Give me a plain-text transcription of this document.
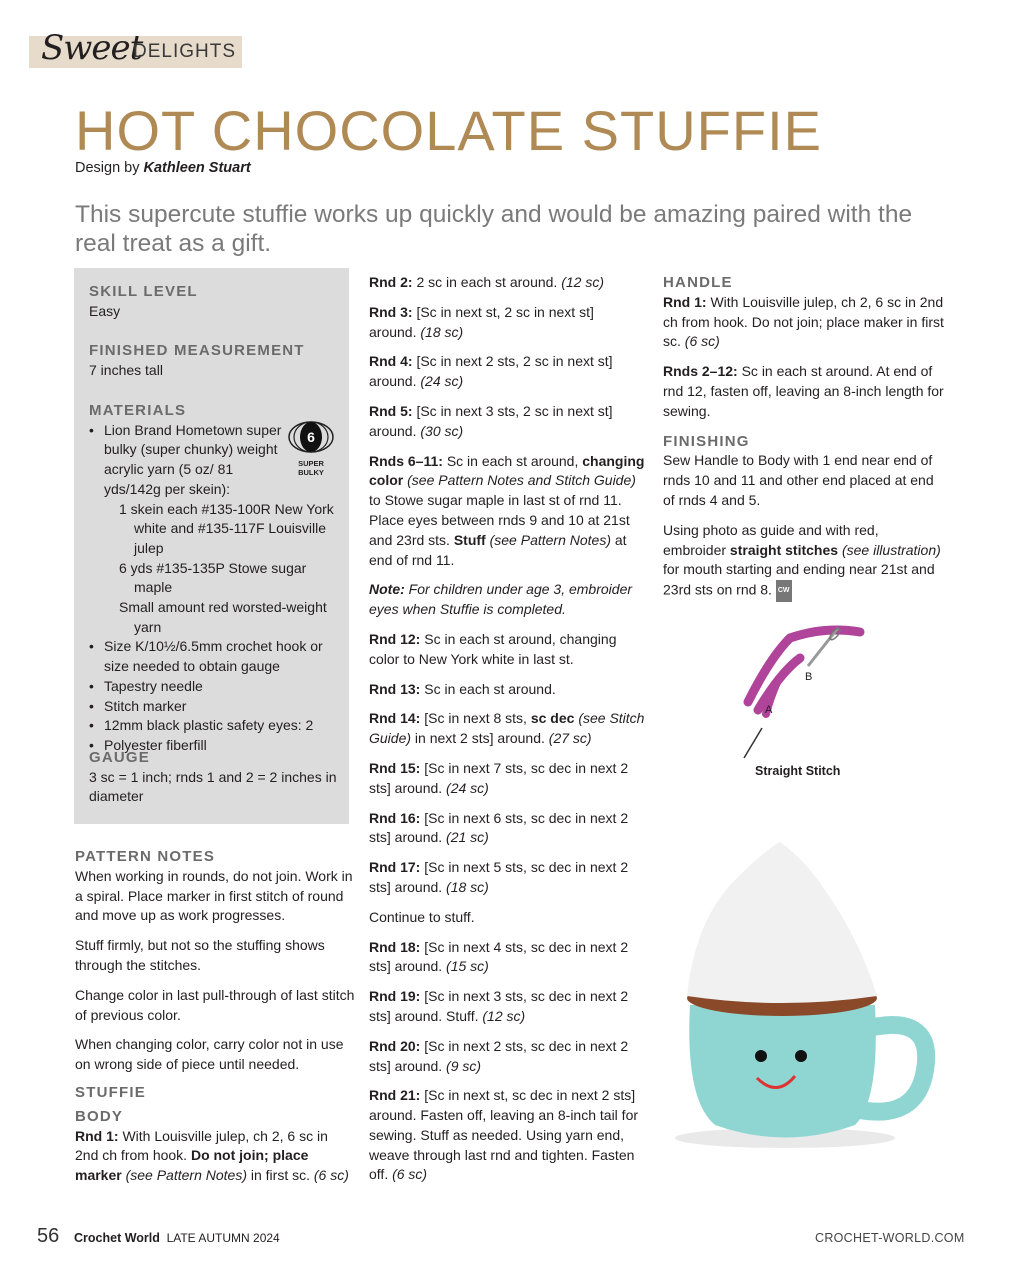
Sweet
DELIGHTS
HOT CHOCOLATE STUFFIE
Design by Kathleen Stuart
This supercute stuffie works up quickly and would be amazing paired with the real treat as a gift.
SKILL LEVEL
Easy
FINISHED MEASUREMENT
7 inches tall
MATERIALS
• Lion Brand Hometown super bulky (super chunky) weight acrylic yarn (5 oz/ 81 yds/142g per skein):
1 skein each #135-100R New York white and #135-117F Louisville julep
6 yds #135-135P Stowe sugar maple
Small amount red worsted-weight yarn
• Size K/10½/6.5mm crochet hook or size needed to obtain gauge
• Tapestry needle
• Stitch marker
• 12mm black plastic safety eyes: 2
• Polyester fiberfill
6
SUPER BULKY
GAUGE
3 sc = 1 inch; rnds 1 and 2 = 2 inches in diameter
PATTERN NOTES

When working in rounds, do not join. Work in a spiral. Place marker in first stitch of round and move up as work progresses.

Stuff firmly, but not so the stuffing shows through the stitches.

Change color in last pull-through of last stitch of previous color.

When changing color, carry color not in use on wrong side of piece until needed.

STUFFIE
BODY

Rnd 1: With Louisville julep, ch 2, 6 sc in 2nd ch from hook. Do not join; place marker (see Pattern Notes) in first sc. (6 sc)

Rnd 2: 2 sc in each st around. (12 sc)

Rnd 3: [Sc in next st, 2 sc in next st] around. (18 sc)

Rnd 4: [Sc in next 2 sts, 2 sc in next st] around. (24 sc)

Rnd 5: [Sc in next 3 sts, 2 sc in next st] around. (30 sc)

Rnds 6–11: Sc in each st around, changing color (see Pattern Notes and Stitch Guide) to Stowe sugar maple in last st of rnd 11. Place eyes between rnds 9 and 10 at 21st and 23rd sts. Stuff (see Pattern Notes) at end of rnd 11.

Note: For children under age 3, embroider eyes when Stuffie is completed.

Rnd 12: Sc in each st around, changing color to New York white in last st.

Rnd 13: Sc in each st around.

Rnd 14: [Sc in next 8 sts, sc dec (see Stitch Guide) in next 2 sts] around. (27 sc)

Rnd 15: [Sc in next 7 sts, sc dec in next 2 sts] around. (24 sc)

Rnd 16: [Sc in next 6 sts, sc dec in next 2 sts] around. (21 sc)

Rnd 17: [Sc in next 5 sts, sc dec in next 2 sts] around. (18 sc)

Continue to stuff.

Rnd 18: [Sc in next 4 sts, sc dec in next 2 sts] around. (15 sc)

Rnd 19: [Sc in next 3 sts, sc dec in next 2 sts] around. Stuff. (12 sc)

Rnd 20: [Sc in next 2 sts, sc dec in next 2 sts] around. (9 sc)

Rnd 21: [Sc in next st, sc dec in next 2 sts] around. Fasten off, leaving an 8-inch tail for sewing. Stuff as needed. Using yarn end, weave through last rnd and tighten. Fasten off. (6 sc)

HANDLE

Rnd 1: With Louisville julep, ch 2, 6 sc in 2nd ch from hook. Do not join; place maker in first sc. (6 sc)

Rnds 2–12: Sc in each st around. At end of rnd 12, fasten off, leaving an 8-inch length for sewing.

FINISHING

Sew Handle to Body with 1 end near end of rnds 10 and 11 and other end placed at end of rnds 4 and 5.

Using photo as guide and with red, embroider straight stitches (see illustration) for mouth starting and ending near 21st and 23rd sts on rnd 8. CW

A
B
Straight Stitch
56 Crochet World LATE AUTUMN 2024	CROCHET-WORLD.COM
